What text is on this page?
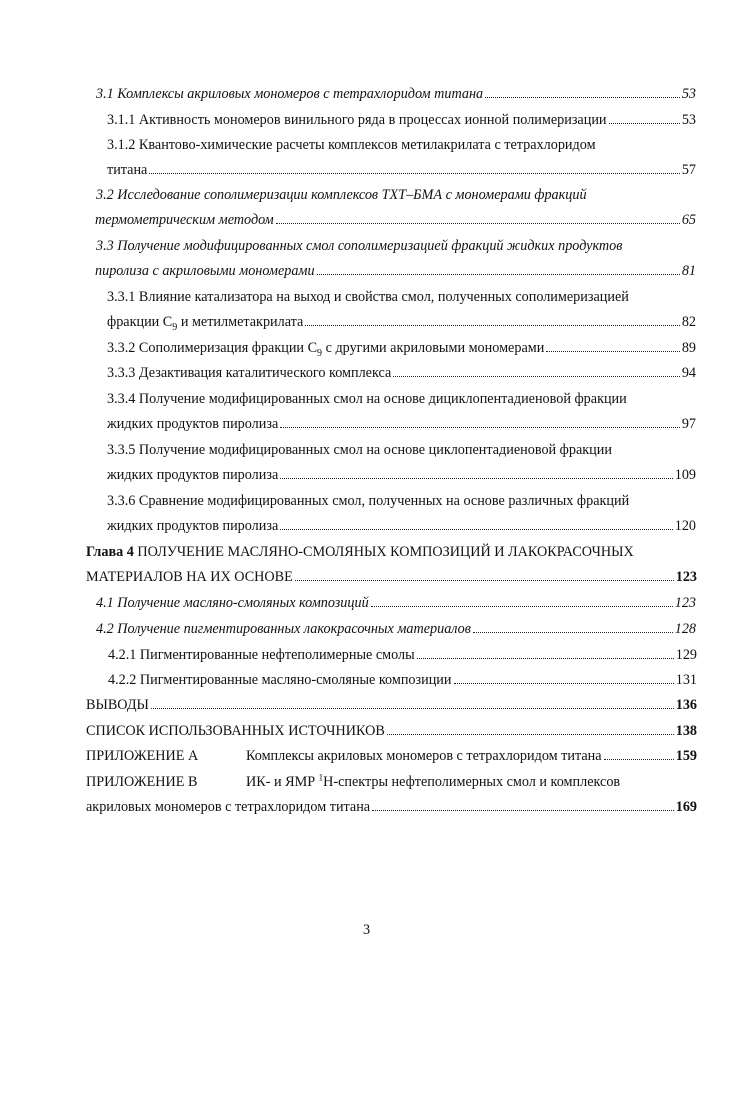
3.1 Комплексы акриловых мономеров с тетрахлоридом титана	53
3.1.1 Активность мономеров винильного ряда в процессах ионной полимеризации	53
3.1.2 Квантово-химические расчеты комплексов метилакрилата с тетрахлоридом
титана	57
3.2 Исследование сополимеризации комплексов ТХТ–БМА с мономерами фракций
термометрическим методом	65
3.3 Получение модифицированных смол сополимеризацией фракций жидких продуктов
пиролиза с акриловыми мономерами	81
3.3.1 Влияние катализатора на выход и свойства смол, полученных сополимеризацией
фракции $С_9$ и метилметакрилата	82
3.3.2 Сополимеризация фракции $С_9$ с другими акриловыми мономерами	89
3.3.3 Дезактивация каталитического комплекса	94
3.3.4 Получение модифицированных смол на основе дициклопентадиеновой фракции
жидких продуктов пиролиза	97
3.3.5 Получение модифицированных смол на основе циклопентадиеновой фракции
жидких продуктов пиролиза	109
3.3.6 Сравнение модифицированных смол, полученных на основе различных фракций
жидких продуктов пиролиза	120
Глава 4 ПОЛУЧЕНИЕ МАСЛЯНО-СМОЛЯНЫХ КОМПОЗИЦИЙ И ЛАКОКРАСОЧНЫХ
МАТЕРИАЛОВ НА ИХ ОСНОВЕ	123
4.1 Получение масляно-смоляных композиций	123
4.2 Получение пигментированных лакокрасочных материалов	128
4.2.1 Пигментированные нефтеполимерные смолы	129
4.2.2 Пигментированные масляно-смоляные композиции	131
ВЫВОДЫ	136
СПИСОК ИСПОЛЬЗОВАННЫХ ИСТОЧНИКОВ	138
ПРИЛОЖЕНИЕ А	Комплексы акриловых мономеров с тетрахлоридом титана	159
ПРИЛОЖЕНИЕ В	ИК- и ЯМР $^1$Н-спектры нефтеполимерных смол и комплексов
акриловых мономеров с тетрахлоридом титана	169
3
